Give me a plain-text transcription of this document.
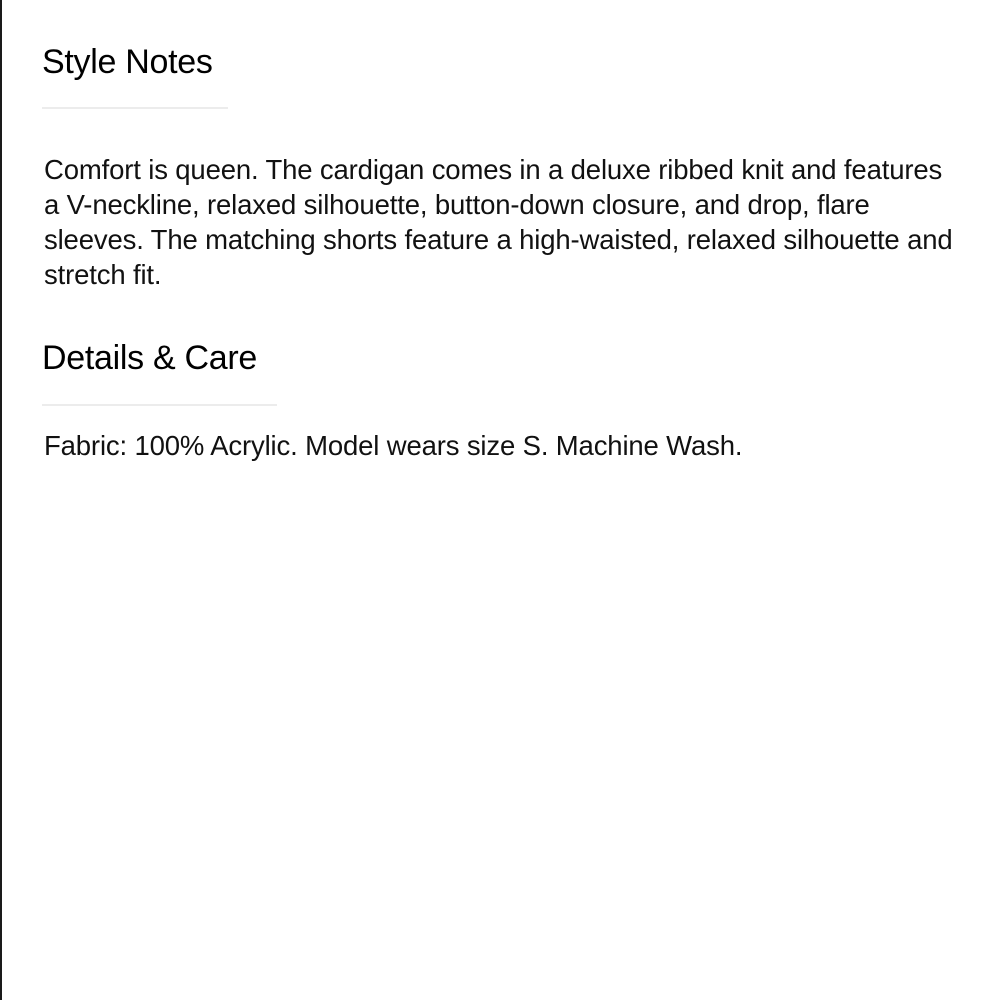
Style Notes

Comfort is queen. The cardigan comes in a deluxe ribbed knit and features a V-neckline, relaxed silhouette, button-down closure, and drop, flare sleeves. The matching shorts feature a high-waisted, relaxed silhouette and stretch fit.

Details & Care

Fabric: 100% Acrylic. Model wears size S. Machine Wash.
